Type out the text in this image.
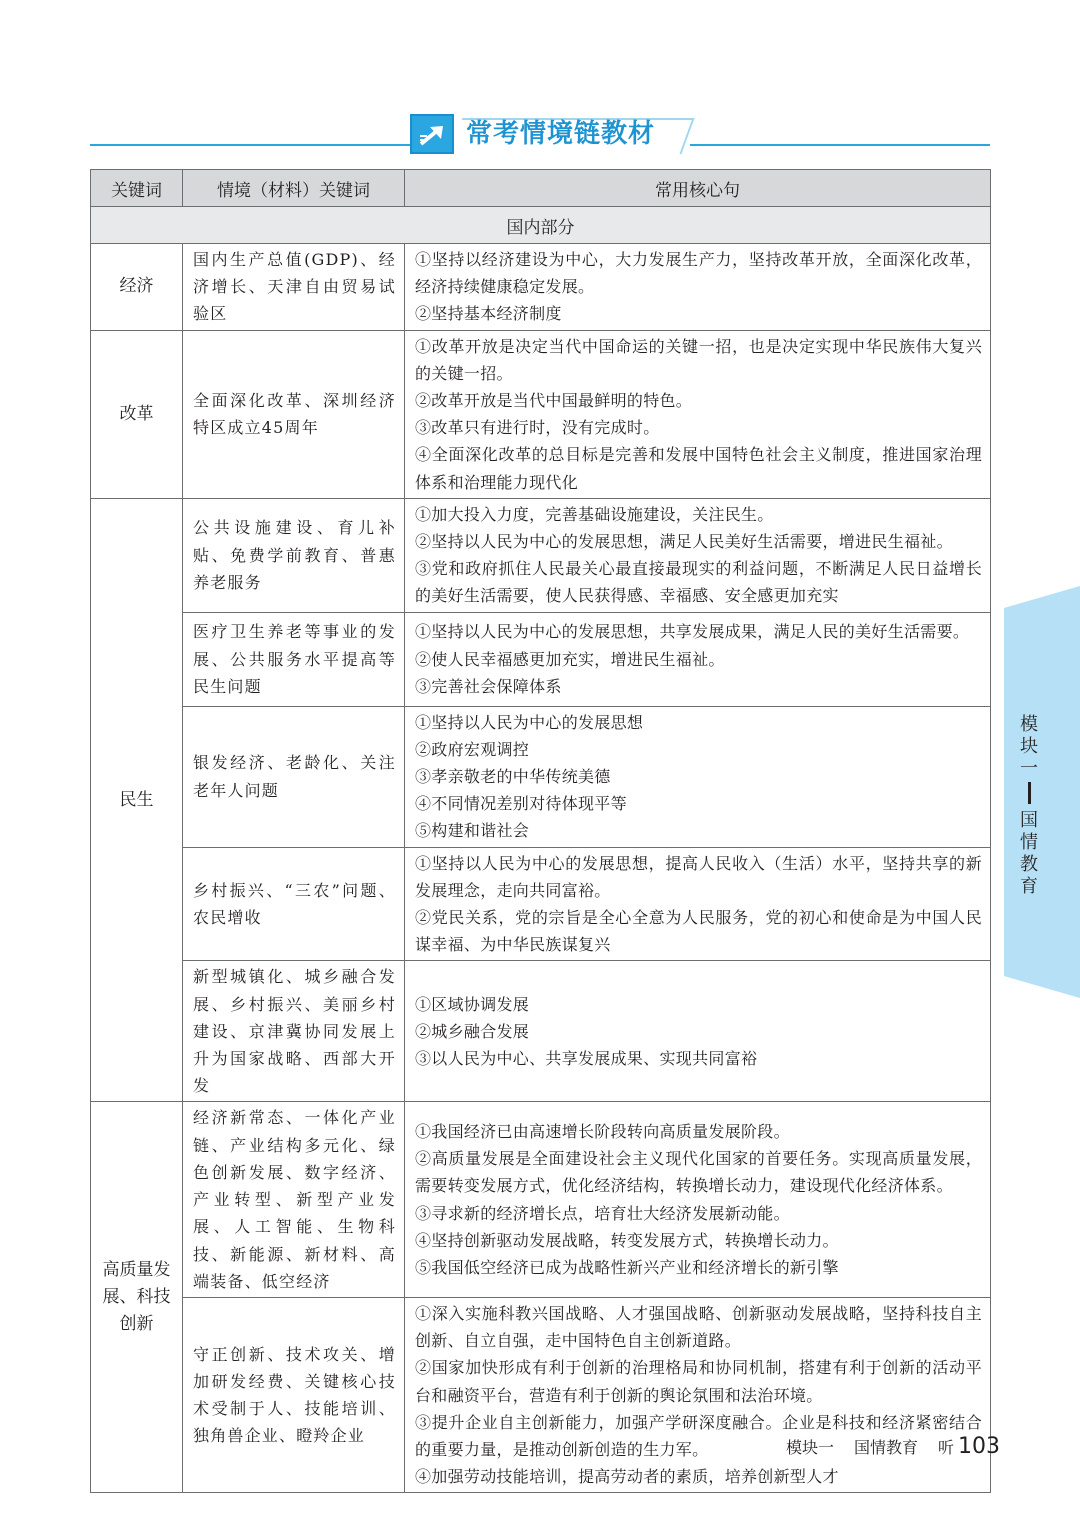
常考情境链教材
关键词	情境（材料）关键词	常用核心句
国内部分		
经济	国内生产总值(GDP)、经济增长、天津自由贸易试验区	①坚持以经济建设为中心，大力发展生产力，坚持改革开放，全面深化改革，经济持续健康稳定发展。
②坚持基本经济制度

改革	全面深化改革、深圳经济特区成立45周年	①改革开放是决定当代中国命运的关键一招，也是决定实现中华民族伟大复兴的关键一招。
②改革开放是当代中国最鲜明的特色。
③改革只有进行时，没有完成时。
④全面深化改革的总目标是完善和发展中国特色社会主义制度，推进国家治理体系和治理能力现代化

民生	公共设施建设、育儿补贴、免费学前教育、普惠养老服务	①加大投入力度，完善基础设施建设，关注民生。
②坚持以人民为中心的发展思想，满足人民美好生活需要，增进民生福祉。
③党和政府抓住人民最关心最直接最现实的利益问题，不断满足人民日益增长的美好生活需要，使人民获得感、幸福感、安全感更加充实

	医疗卫生养老等事业的发展、公共服务水平提高等民生问题	①坚持以人民为中心的发展思想，共享发展成果，满足人民的美好生活需要。
②使人民幸福感更加充实，增进民生福祉。
③完善社会保障体系

	银发经济、老龄化、关注老年人问题	①坚持以人民为中心的发展思想
②政府宏观调控
③孝亲敬老的中华传统美德
④不同情况差别对待体现平等
⑤构建和谐社会

	乡村振兴、“三农”问题、农民增收	①坚持以人民为中心的发展思想，提高人民收入（生活）水平，坚持共享的新发展理念，走向共同富裕。
②党民关系，党的宗旨是全心全意为人民服务，党的初心和使命是为中国人民谋幸福、为中华民族谋复兴

	新型城镇化、城乡融合发展、乡村振兴、美丽乡村建设、京津冀协同发展上升为国家战略、西部大开发	①区域协调发展
②城乡融合发展
③以人民为中心、共享发展成果、实现共同富裕

高质量发展、科技创新	经济新常态、一体化产业链、产业结构多元化、绿色创新发展、数字经济、产业转型、新型产业发展、人工智能、生物科技、新能源、新材料、高端装备、低空经济	①我国经济已由高速增长阶段转向高质量发展阶段。
②高质量发展是全面建设社会主义现代化国家的首要任务。实现高质量发展，需要转变发展方式，优化经济结构，转换增长动力，建设现代化经济体系。
③寻求新的经济增长点，培育壮大经济发展新动能。
④坚持创新驱动发展战略，转变发展方式，转换增长动力。
⑤我国低空经济已成为战略性新兴产业和经济增长的新引擎

	守正创新、技术攻关、增加研发经费、关键核心技术受制于人、技能培训、独角兽企业、瞪羚企业	①深入实施科教兴国战略、人才强国战略、创新驱动发展战略，坚持科技自主创新、自立自强，走中国特色自主创新道路。
②国家加快形成有利于创新的治理格局和协同机制，搭建有利于创新的活动平台和融资平台，营造有利于创新的舆论氛围和法治环境。
③提升企业自主创新能力，加强产学研深度融合。企业是科技和经济紧密结合的重要力量，是推动创新创造的生力军。
④加强劳动技能培训，提高劳动者的素质，培养创新型人才
模
块
一
国
情
教
育
模块一 国情教育 听 103
